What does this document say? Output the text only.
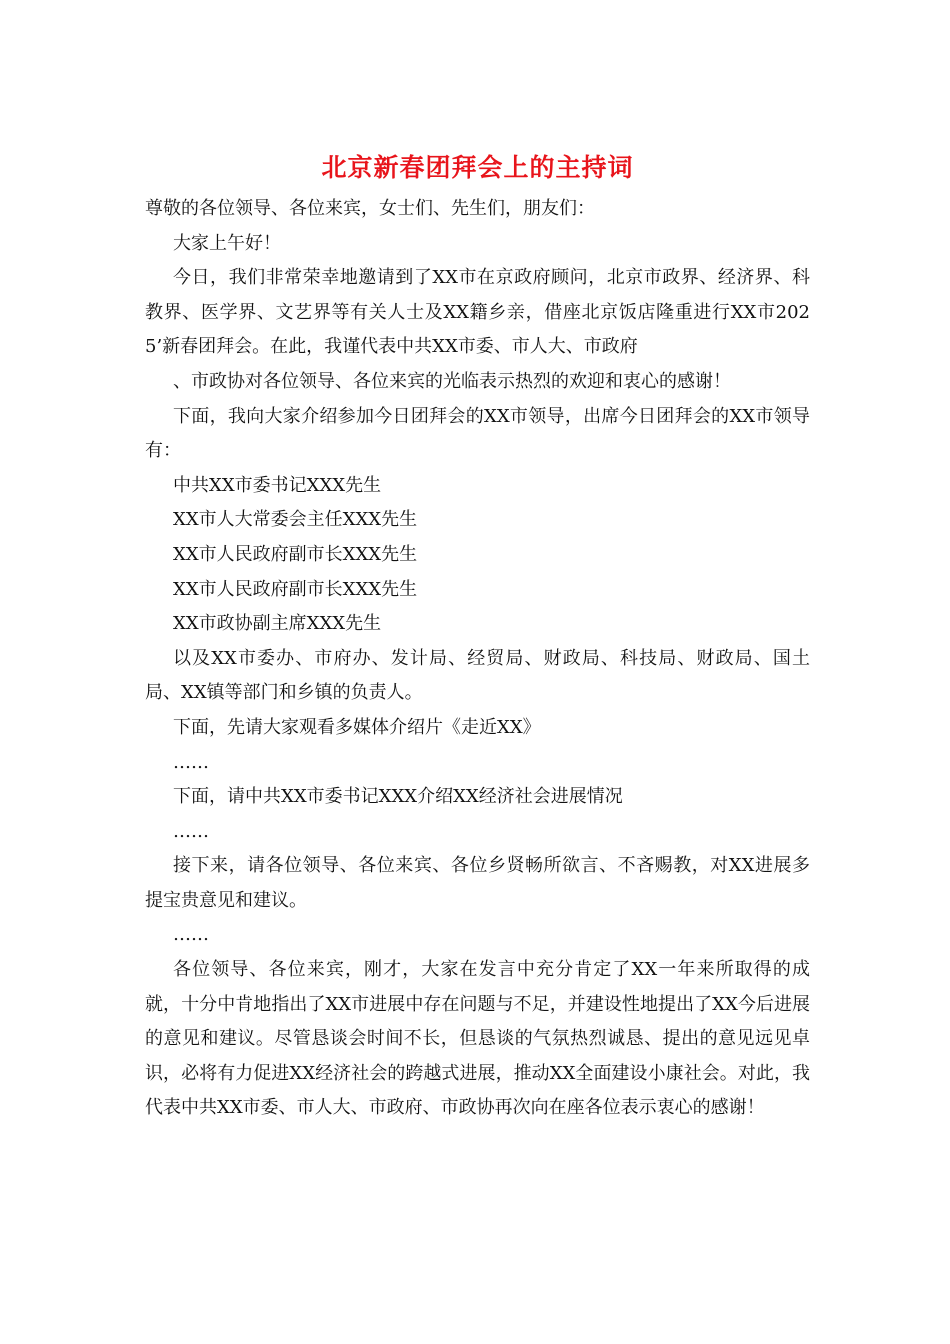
北京新春团拜会上的主持词

尊敬的各位领导、各位来宾，女士们、先生们，朋友们：

大家上午好！

今日，我们非常荣幸地邀请到了XX市在京政府顾问，北京市政界、经济界、科教界、医学界、文艺界等有关人士及XX籍乡亲，借座北京饭店隆重进行XX市2025’新春团拜会。在此，我谨代表中共XX市委、市人大、市政府

、市政协对各位领导、各位来宾的光临表示热烈的欢迎和衷心的感谢！

下面，我向大家介绍参加今日团拜会的XX市领导，出席今日团拜会的XX市领导有：

中共XX市委书记XXX先生

XX市人大常委会主任XXX先生

XX市人民政府副市长XXX先生

XX市人民政府副市长XXX先生

XX市政协副主席XXX先生

以及XX市委办、市府办、发计局、经贸局、财政局、科技局、财政局、国土局、XX镇等部门和乡镇的负责人。

下面，先请大家观看多媒体介绍片《走近XX》

……

下面，请中共XX市委书记XXX介绍XX经济社会进展情况

……

接下来，请各位领导、各位来宾、各位乡贤畅所欲言、不吝赐教，对XX进展多提宝贵意见和建议。

……

各位领导、各位来宾，刚才，大家在发言中充分肯定了XX一年来所取得的成就，十分中肯地指出了XX市进展中存在问题与不足，并建设性地提出了XX今后进展的意见和建议。尽管恳谈会时间不长，但恳谈的气氛热烈诚恳、提出的意见远见卓识，必将有力促进XX经济社会的跨越式进展，推动XX全面建设小康社会。对此，我代表中共XX市委、市人大、市政府、市政协再次向在座各位表示衷心的感谢！
